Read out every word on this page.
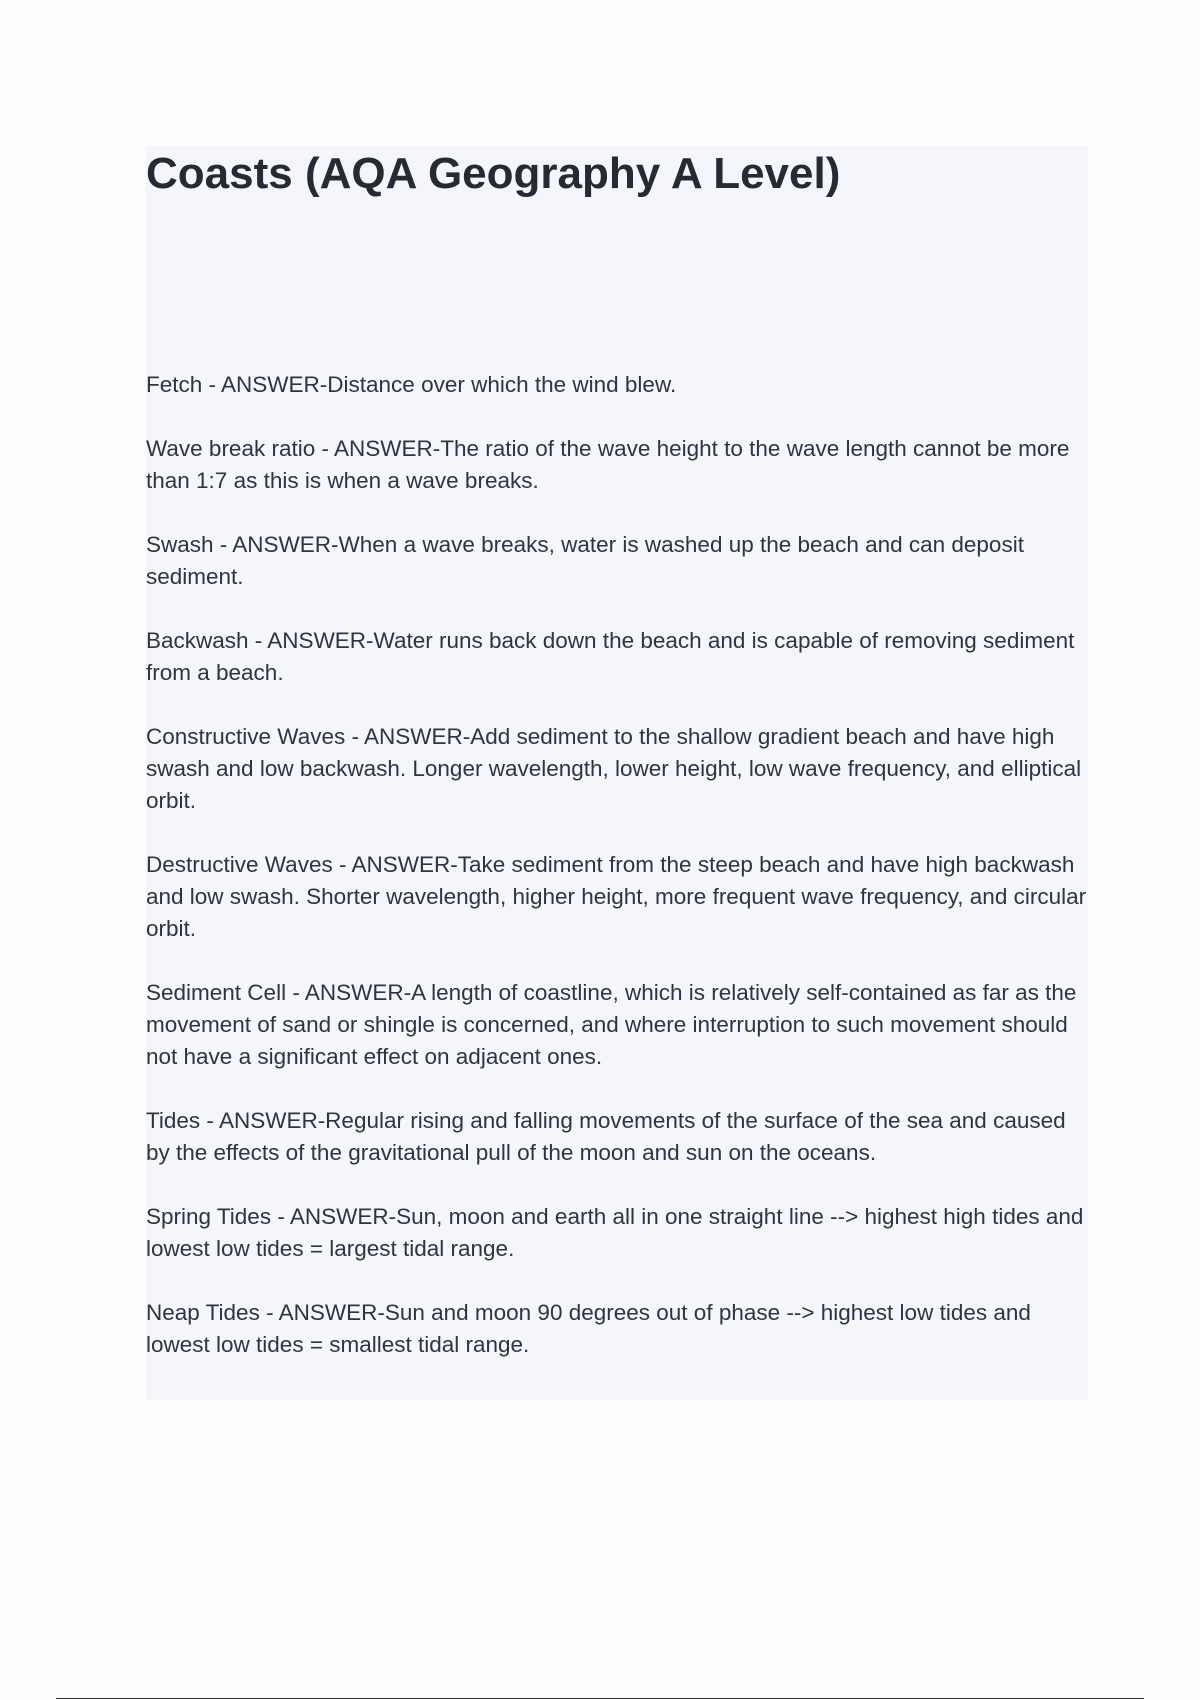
Coasts (AQA Geography A Level)

Fetch - ANSWER-Distance over which the wind blew.

Wave break ratio - ANSWER-The ratio of the wave height to the wave length cannot be more than 1:7 as this is when a wave breaks.

Swash - ANSWER-When a wave breaks, water is washed up the beach and can deposit sediment.

Backwash - ANSWER-Water runs back down the beach and is capable of removing sediment from a beach.

Constructive Waves - ANSWER-Add sediment to the shallow gradient beach and have high swash and low backwash. Longer wavelength, lower height, low wave frequency, and elliptical orbit.

Destructive Waves - ANSWER-Take sediment from the steep beach and have high backwash and low swash. Shorter wavelength, higher height, more frequent wave frequency, and circular orbit.

Sediment Cell - ANSWER-A length of coastline, which is relatively self-contained as far as the movement of sand or shingle is concerned, and where interruption to such movement should not have a significant effect on adjacent ones.

Tides - ANSWER-Regular rising and falling movements of the surface of the sea and caused by the effects of the gravitational pull of the moon and sun on the oceans.

Spring Tides - ANSWER-Sun, moon and earth all in one straight line --> highest high tides and lowest low tides = largest tidal range.

Neap Tides - ANSWER-Sun and moon 90 degrees out of phase --> highest low tides and lowest low tides = smallest tidal range.
